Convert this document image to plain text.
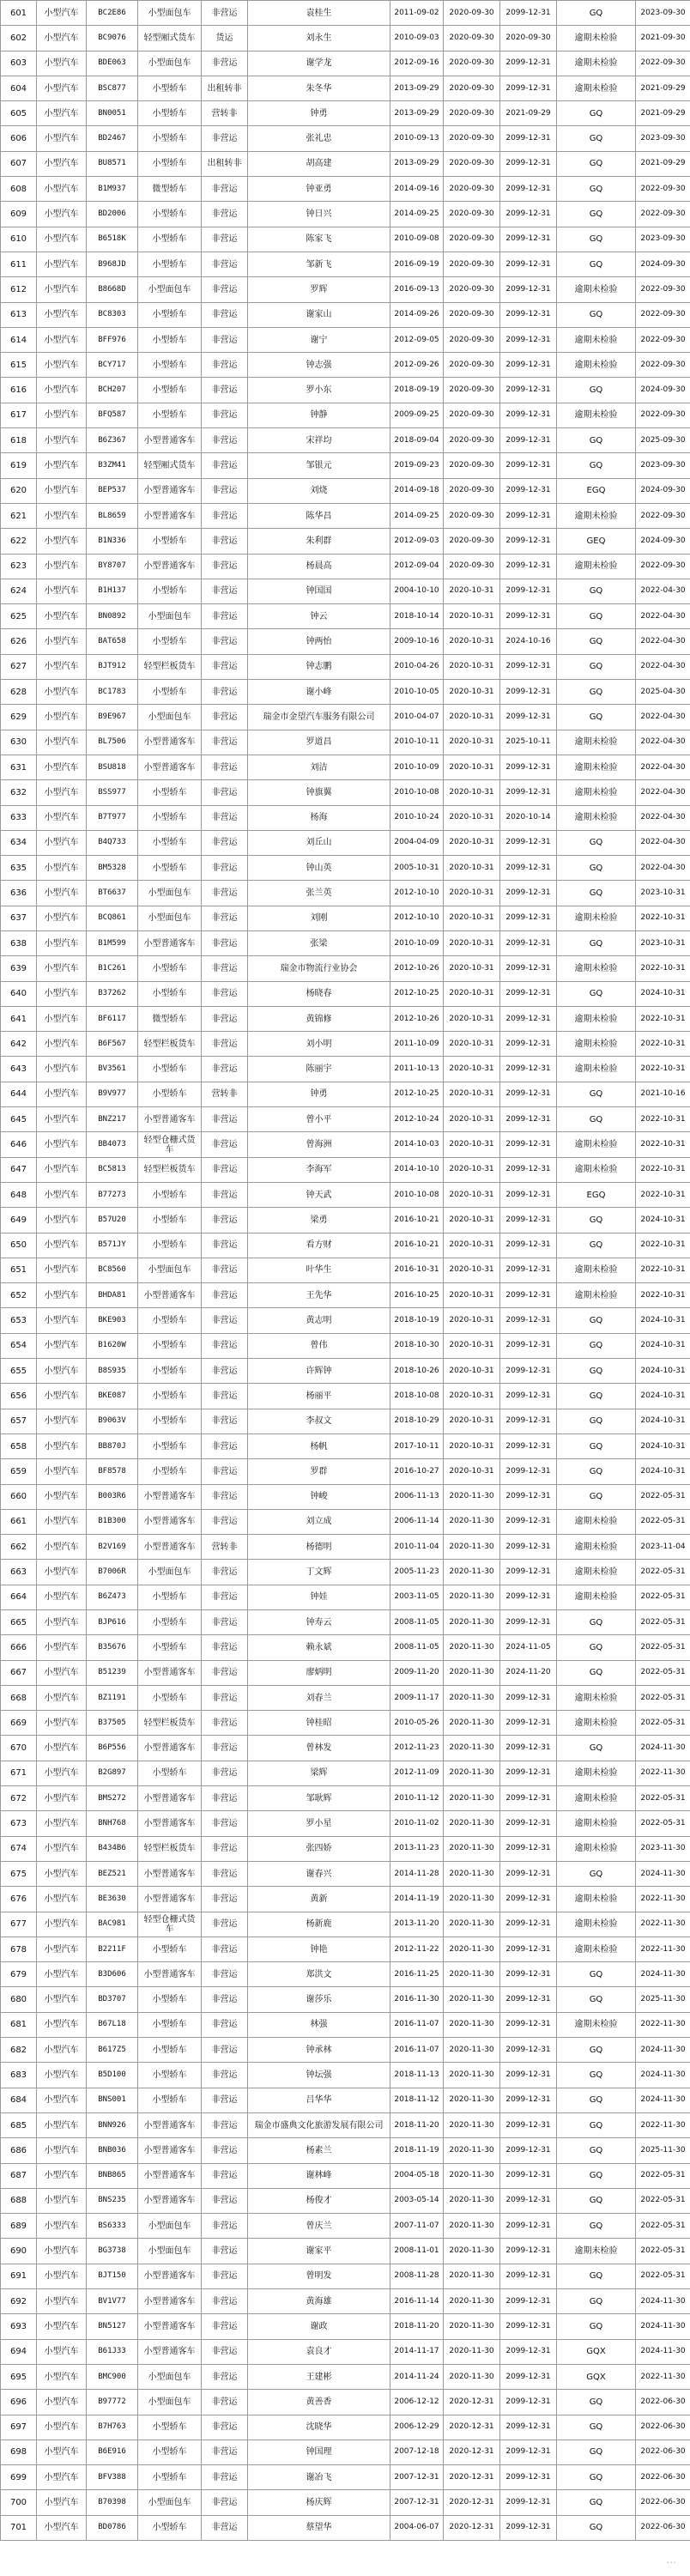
601	小型汽车	BC2E86	小型面包车	非营运	袁桂生	2011-09-02	2020-09-30	2099-12-31	GQ	2023-09-30
602	小型汽车	BC9076	轻型厢式货车	货运	刘永生	2010-09-03	2020-09-30	2020-09-30	逾期未检验	2021-09-30
603	小型汽车	BDE063	小型面包车	非营运	谢学龙	2012-09-16	2020-09-30	2099-12-31	逾期未检验	2022-09-30
604	小型汽车	BSC877	小型轿车	出租转非	朱冬华	2013-09-29	2020-09-30	2099-12-31	逾期未检验	2021-09-29
605	小型汽车	BN0051	小型轿车	营转非	钟勇	2013-09-29	2020-09-30	2021-09-29	GQ	2021-09-29
606	小型汽车	BD2467	小型轿车	非营运	张礼忠	2010-09-13	2020-09-30	2099-12-31	GQ	2023-09-30
607	小型汽车	BU8571	小型轿车	出租转非	胡高建	2013-09-29	2020-09-30	2099-12-31	GQ	2021-09-29
608	小型汽车	B1M937	微型轿车	非营运	钟亚勇	2014-09-16	2020-09-30	2099-12-31	GQ	2022-09-30
609	小型汽车	BD2006	小型轿车	非营运	钟日兴	2014-09-25	2020-09-30	2099-12-31	GQ	2022-09-30
610	小型汽车	B6518K	小型轿车	非营运	陈家飞	2010-09-08	2020-09-30	2099-12-31	GQ	2023-09-30
611	小型汽车	B968JD	小型轿车	非营运	邹新飞	2016-09-19	2020-09-30	2099-12-31	GQ	2024-09-30
612	小型汽车	B8668D	小型面包车	非营运	罗辉	2016-09-13	2020-09-30	2099-12-31	逾期未检验	2022-09-30
613	小型汽车	BC8303	小型轿车	非营运	谢家山	2014-09-26	2020-09-30	2099-12-31	GQ	2022-09-30
614	小型汽车	BFF976	小型轿车	非营运	谢宁	2012-09-05	2020-09-30	2099-12-31	逾期未检验	2022-09-30
615	小型汽车	BCY717	小型轿车	非营运	钟志强	2012-09-26	2020-09-30	2099-12-31	逾期未检验	2022-09-30
616	小型汽车	BCH207	小型轿车	非营运	罗小东	2018-09-19	2020-09-30	2099-12-31	GQ	2024-09-30
617	小型汽车	BFQ587	小型轿车	非营运	钟静	2009-09-25	2020-09-30	2099-12-31	逾期未检验	2022-09-30
618	小型汽车	B6Z367	小型普通客车	非营运	宋祥均	2018-09-04	2020-09-30	2099-12-31	GQ	2025-09-30
619	小型汽车	B3ZM41	轻型厢式货车	非营运	邹银元	2019-09-23	2020-09-30	2099-12-31	GQ	2023-09-30
620	小型汽车	BEP537	小型普通客车	非营运	刘烧	2014-09-18	2020-09-30	2099-12-31	EGQ	2024-09-30
621	小型汽车	BL8659	小型普通客车	非营运	陈华昌	2014-09-25	2020-09-30	2099-12-31	逾期未检验	2022-09-30
622	小型汽车	B1N336	小型轿车	非营运	朱利群	2012-09-03	2020-09-30	2099-12-31	GEQ	2024-09-30
623	小型汽车	BY8707	小型普通客车	非营运	杨晨高	2012-09-04	2020-09-30	2099-12-31	逾期未检验	2022-09-30
624	小型汽车	B1H137	小型轿车	非营运	钟国国	2004-10-10	2020-10-31	2099-12-31	GQ	2022-04-30
625	小型汽车	BN0892	小型面包车	非营运	钟云	2018-10-14	2020-10-31	2099-12-31	GQ	2022-04-30
626	小型汽车	BAT658	小型轿车	非营运	钟两怡	2009-10-16	2020-10-31	2024-10-16	GQ	2022-04-30
627	小型汽车	BJT912	轻型栏板货车	非营运	钟志鹏	2010-04-26	2020-10-31	2099-12-31	GQ	2022-04-30
628	小型汽车	BC1783	小型轿车	非营运	谢小峰	2010-10-05	2020-10-31	2099-12-31	GQ	2025-04-30
629	小型汽车	B9E967	小型面包车	非营运	瑞金市金望汽车服务有限公司	2010-04-07	2020-10-31	2099-12-31	GQ	2022-04-30
630	小型汽车	BL7506	小型普通客车	非营运	罗道昌	2010-10-11	2020-10-31	2025-10-11	逾期未检验	2022-04-30
631	小型汽车	BSU818	小型普通客车	非营运	刘洁	2010-10-09	2020-10-31	2099-12-31	逾期未检验	2022-04-30
632	小型汽车	BSS977	小型轿车	非营运	钟旗翼	2010-10-08	2020-10-31	2099-12-31	逾期未检验	2022-04-30
633	小型汽车	B7T977	小型轿车	非营运	杨海	2010-10-24	2020-10-31	2020-10-14	逾期未检验	2022-04-30
634	小型汽车	B4Q733	小型轿车	非营运	刘丘山	2004-04-09	2020-10-31	2099-12-31	GQ	2022-04-30
635	小型汽车	BM5328	小型轿车	非营运	钟山英	2005-10-31	2020-10-31	2099-12-31	GQ	2022-04-30
636	小型汽车	BT6637	小型面包车	非营运	张兰英	2012-10-10	2020-10-31	2099-12-31	GQ	2023-10-31
637	小型汽车	BCQ861	小型面包车	非营运	刘刚	2012-10-10	2020-10-31	2099-12-31	逾期未检验	2022-10-31
638	小型汽车	B1M599	小型普通客车	非营运	张梁	2010-10-09	2020-10-31	2099-12-31	GQ	2023-10-31
639	小型汽车	B1C261	小型轿车	非营运	瑞金市物流行业协会	2012-10-26	2020-10-31	2099-12-31	逾期未检验	2022-10-31
640	小型汽车	B37262	小型轿车	非营运	杨晓春	2012-10-25	2020-10-31	2099-12-31	GQ	2024-10-31
641	小型汽车	BF6117	微型轿车	非营运	黄锦修	2012-10-26	2020-10-31	2099-12-31	逾期未检验	2022-10-31
642	小型汽车	B6F567	轻型栏板货车	非营运	刘小明	2011-10-09	2020-10-31	2099-12-31	逾期未检验	2022-10-31
643	小型汽车	BV3561	小型轿车	非营运	陈丽宇	2011-10-13	2020-10-31	2099-12-31	逾期未检验	2022-10-31
644	小型汽车	B9V977	小型轿车	营转非	钟勇	2012-10-25	2020-10-31	2099-12-31	GQ	2021-10-16
645	小型汽车	BNZ217	小型普通客车	非营运	曾小平	2012-10-24	2020-10-31	2099-12-31	GQ	2022-10-31
646	小型汽车	BB4073	轻型仓栅式货车	非营运	曾海洲	2014-10-03	2020-10-31	2099-12-31	逾期未检验	2022-10-31
647	小型汽车	BC5813	轻型栏板货车	非营运	李海军	2014-10-10	2020-10-31	2099-12-31	逾期未检验	2022-10-31
648	小型汽车	B77273	小型轿车	非营运	钟天武	2010-10-08	2020-10-31	2099-12-31	EGQ	2022-10-31
649	小型汽车	B57U20	小型轿车	非营运	梁勇	2016-10-21	2020-10-31	2099-12-31	GQ	2024-10-31
650	小型汽车	B571JY	小型轿车	非营运	看方财	2016-10-21	2020-10-31	2099-12-31	GQ	2022-10-31
651	小型汽车	BC8560	小型面包车	非营运	叶华生	2016-10-31	2020-10-31	2099-12-31	逾期未检验	2022-10-31
652	小型汽车	BHDA81	小型普通客车	非营运	王先华	2016-10-25	2020-10-31	2099-12-31	逾期未检验	2022-10-31
653	小型汽车	BKE903	小型轿车	非营运	黄志明	2018-10-19	2020-10-31	2099-12-31	GQ	2024-10-31
654	小型汽车	B1620W	小型轿车	非营运	曾伟	2018-10-30	2020-10-31	2099-12-31	GQ	2024-10-31
655	小型汽车	B8S935	小型轿车	非营运	许辉钟	2018-10-26	2020-10-31	2099-12-31	GQ	2024-10-31
656	小型汽车	BKE087	小型轿车	非营运	杨丽平	2018-10-08	2020-10-31	2099-12-31	GQ	2024-10-31
657	小型汽车	B9063V	小型轿车	非营运	李叔文	2018-10-29	2020-10-31	2099-12-31	GQ	2024-10-31
658	小型汽车	BB870J	小型轿车	非营运	杨帆	2017-10-11	2020-10-31	2099-12-31	GQ	2024-10-31
659	小型汽车	BF8578	小型轿车	非营运	罗群	2016-10-27	2020-10-31	2099-12-31	GQ	2024-10-31
660	小型汽车	B003R6	小型普通客车	非营运	钟峻	2006-11-13	2020-11-30	2099-12-31	GQ	2022-05-31
661	小型汽车	B1B300	小型普通客车	非营运	刘立成	2006-11-14	2020-11-30	2099-12-31	逾期未检验	2022-05-31
662	小型汽车	B2V169	小型普通客车	营转非	杨德明	2010-11-04	2020-11-30	2099-12-31	逾期未检验	2023-11-04
663	小型汽车	B7006R	小型面包车	非营运	丁文辉	2005-11-23	2020-11-30	2099-12-31	逾期未检验	2022-05-31
664	小型汽车	B6Z473	小型轿车	非营运	钟娃	2003-11-05	2020-11-30	2099-12-31	逾期未检验	2022-05-31
665	小型汽车	BJP616	小型轿车	非营运	钟寿云	2008-11-05	2020-11-30	2099-12-31	GQ	2022-05-31
666	小型汽车	B35676	小型轿车	非营运	赖永斌	2008-11-05	2020-11-30	2024-11-05	GQ	2022-05-31
667	小型汽车	B51239	小型普通客车	非营运	廖炳明	2009-11-20	2020-11-30	2024-11-20	GQ	2022-05-31
668	小型汽车	BZ1191	小型轿车	非营运	刘春兰	2009-11-17	2020-11-30	2099-12-31	逾期未检验	2022-05-31
669	小型汽车	B37505	轻型栏板货车	非营运	钟桂昭	2010-05-26	2020-11-30	2099-12-31	逾期未检验	2022-05-31
670	小型汽车	B6P556	小型普通客车	非营运	曾林发	2012-11-23	2020-11-30	2099-12-31	GQ	2024-11-30
671	小型汽车	B2G897	小型轿车	非营运	梁辉	2012-11-09	2020-11-30	2099-12-31	逾期未检验	2022-11-30
672	小型汽车	BMS272	小型普通客车	非营运	邹耿辉	2010-11-12	2020-11-30	2099-12-31	逾期未检验	2022-05-31
673	小型汽车	BNH768	小型普通客车	非营运	罗小星	2010-11-02	2020-11-30	2099-12-31	逾期未检验	2022-05-31
674	小型汽车	B434B6	轻型栏板货车	非营运	张四娇	2013-11-23	2020-11-30	2099-12-31	逾期未检验	2023-11-30
675	小型汽车	BEZ521	小型普通客车	非营运	谢春兴	2014-11-28	2020-11-30	2099-12-31	GQ	2024-11-30
676	小型汽车	BE3630	小型普通客车	非营运	黄新	2014-11-19	2020-11-30	2099-12-31	逾期未检验	2022-11-30
677	小型汽车	BAC981	轻型仓栅式货车	非营运	杨新鹿	2013-11-20	2020-11-30	2099-12-31	逾期未检验	2022-11-30
678	小型汽车	B2211F	小型轿车	非营运	钟艳	2012-11-22	2020-11-30	2099-12-31	逾期未检验	2022-11-30
679	小型汽车	B3D606	小型普通客车	非营运	郑洪文	2016-11-25	2020-11-30	2099-12-31	GQ	2024-11-30
680	小型汽车	BD3707	小型轿车	非营运	谢莎乐	2016-11-30	2020-11-30	2099-12-31	GQ	2025-11-30
681	小型汽车	B67L18	小型轿车	非营运	林强	2016-11-07	2020-11-30	2099-12-31	逾期未检验	2022-11-30
682	小型汽车	B617Z5	小型轿车	非营运	钟承林	2016-11-07	2020-11-30	2099-12-31	GQ	2024-11-30
683	小型汽车	B5D100	小型轿车	非营运	钟坛强	2018-11-13	2020-11-30	2099-12-31	GQ	2024-11-30
684	小型汽车	BNS001	小型轿车	非营运	吕华华	2018-11-12	2020-11-30	2099-12-31	GQ	2024-11-30
685	小型汽车	BNN926	小型普通客车	非营运	瑞金市盛典文化旅游发展有限公司	2018-11-20	2020-11-30	2099-12-31	GQ	2022-11-30
686	小型汽车	BNB036	小型普通客车	非营运	杨素兰	2018-11-19	2020-11-30	2099-12-31	GQ	2025-11-30
687	小型汽车	BNB865	小型普通客车	非营运	谢林峰	2004-05-18	2020-11-30	2099-12-31	GQ	2022-05-31
688	小型汽车	BNS235	小型普通客车	非营运	杨俊才	2003-05-14	2020-11-30	2099-12-31	GQ	2022-05-31
689	小型汽车	BS6333	小型面包车	非营运	曾庆兰	2007-11-07	2020-11-30	2099-12-31	GQ	2022-05-31
690	小型汽车	BG3738	小型面包车	非营运	谢家平	2008-11-01	2020-11-30	2099-12-31	逾期未检验	2022-05-31
691	小型汽车	BJT150	小型普通客车	非营运	曾明发	2008-11-28	2020-11-30	2099-12-31	GQ	2022-05-31
692	小型汽车	BV1V77	小型普通客车	非营运	黄海雄	2016-11-14	2020-11-30	2099-12-31	GQ	2024-11-30
693	小型汽车	BN5127	小型普通客车	非营运	谢政	2018-11-20	2020-11-30	2099-12-31	GQ	2024-11-30
694	小型汽车	B61J33	小型普通客车	非营运	袁良才	2014-11-17	2020-11-30	2099-12-31	GQX	2024-11-30
695	小型汽车	BMC900	小型面包车	非营运	王建彬	2014-11-24	2020-11-30	2099-12-31	GQX	2022-11-30
696	小型汽车	B97772	小型面包车	非营运	黄善香	2006-12-12	2020-12-31	2099-12-31	GQ	2022-06-30
697	小型汽车	B7H763	小型轿车	非营运	沈晓华	2006-12-29	2020-12-31	2099-12-31	GQ	2022-06-30
698	小型汽车	B6E916	小型轿车	非营运	钟国理	2007-12-18	2020-12-31	2099-12-31	GQ	2022-06-30
699	小型汽车	BFV388	小型轿车	非营运	谢冶飞	2007-12-31	2020-12-31	2099-12-31	GQ	2022-06-30
700	小型汽车	B70398	小型面包车	非营运	杨庆辉	2007-12-31	2020-12-31	2099-12-31	GQ	2022-06-30
701	小型汽车	BD0786	小型轿车	非营运	蔡望华	2004-06-07	2020-12-31	2099-12-31	GQ	2022-06-30
...
